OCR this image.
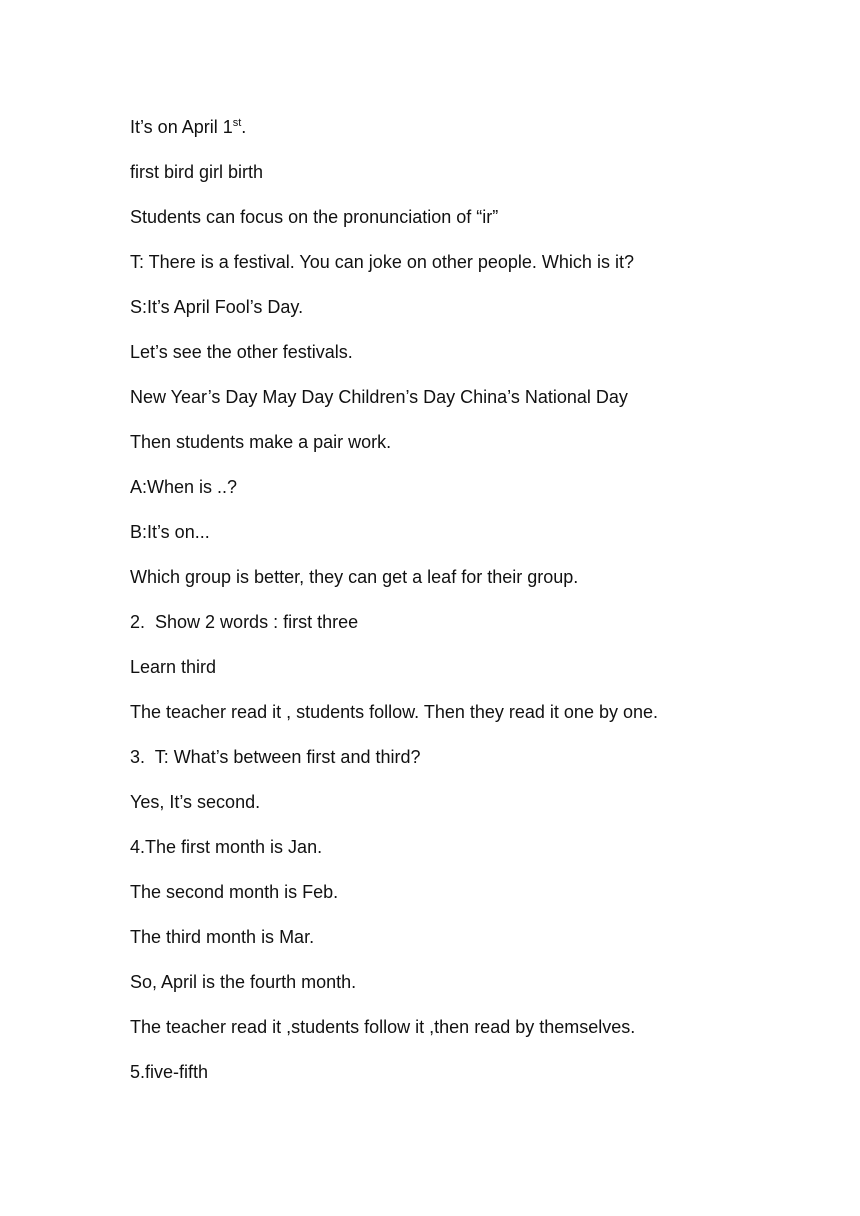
It’s on April 1st.

first bird girl birth

Students can focus on the pronunciation of “ir”

T: There is a festival. You can joke on other people. Which is it?

S:It’s April Fool’s Day.

Let’s see the other festivals.

New Year’s Day May Day Children’s Day China’s National Day

Then students make a pair work.

A:When is ..?

B:It’s on...

Which group is better, they can get a leaf for their group.

2.  Show 2 words : first three

Learn third

The teacher read it , students follow. Then they read it one by one.

3.  T: What’s between first and third?

Yes, It’s second.

4.The first month is Jan.

The second month is Feb.

The third month is Mar.

So, April is the fourth month.

The teacher read it ,students follow it ,then read by themselves.

5.five-fifth
